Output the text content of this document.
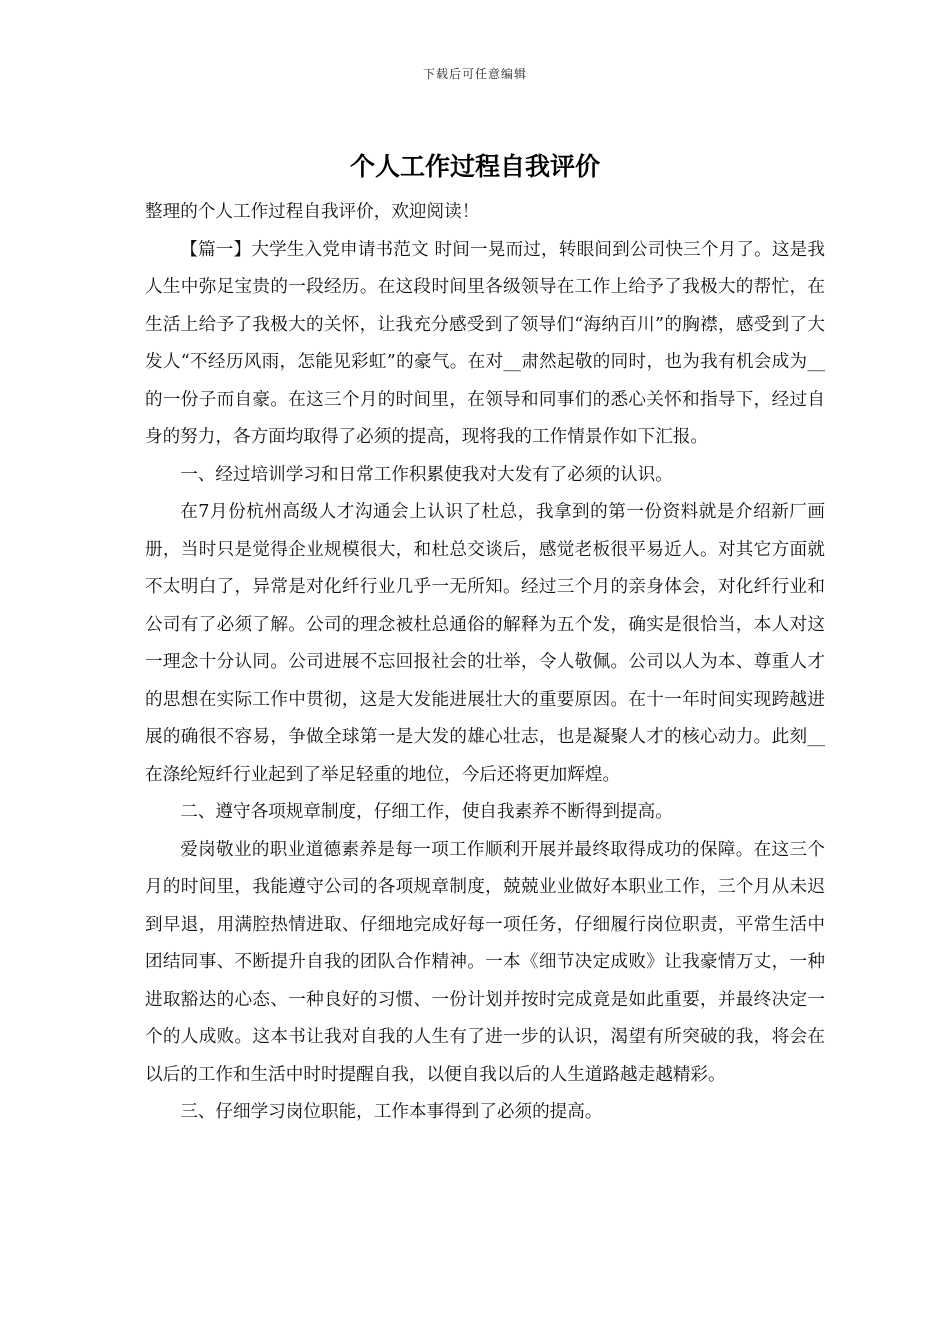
下载后可任意编辑
个人工作过程自我评价

整理的个人工作过程自我评价，欢迎阅读！

【篇一】大学生入党申请书范文 时间一晃而过，转眼间到公司快三个月了。这是我人生中弥足宝贵的一段经历。在这段时间里各级领导在工作上给予了我极大的帮忙，在生活上给予了我极大的关怀，让我充分感受到了领导们“海纳百川”的胸襟，感受到了大发人“不经历风雨，怎能见彩虹”的豪气。在对__肃然起敬的同时，也为我有机会成为__的一份子而自豪。在这三个月的时间里，在领导和同事们的悉心关怀和指导下，经过自身的努力，各方面均取得了必须的提高，现将我的工作情景作如下汇报。

一、经过培训学习和日常工作积累使我对大发有了必须的认识。

在7月份杭州高级人才沟通会上认识了杜总，我拿到的第一份资料就是介绍新厂画册，当时只是觉得企业规模很大，和杜总交谈后，感觉老板很平易近人。对其它方面就不太明白了，异常是对化纤行业几乎一无所知。经过三个月的亲身体会，对化纤行业和公司有了必须了解。公司的理念被杜总通俗的解释为五个发，确实是很恰当，本人对这一理念十分认同。公司进展不忘回报社会的壮举，令人敬佩。公司以人为本、尊重人才的思想在实际工作中贯彻，这是大发能进展壮大的重要原因。在十一年时间实现跨越进展的确很不容易，争做全球第一是大发的雄心壮志，也是凝聚人才的核心动力。此刻__在涤纶短纤行业起到了举足轻重的地位，今后还将更加辉煌。

二、遵守各项规章制度，仔细工作，使自我素养不断得到提高。

爱岗敬业的职业道德素养是每一项工作顺利开展并最终取得成功的保障。在这三个月的时间里，我能遵守公司的各项规章制度，兢兢业业做好本职业工作，三个月从未迟到早退，用满腔热情进取、仔细地完成好每一项任务，仔细履行岗位职责，平常生活中团结同事、不断提升自我的团队合作精神。一本《细节决定成败》让我豪情万丈，一种进取豁达的心态、一种良好的习惯、一份计划并按时完成竟是如此重要，并最终决定一个的人成败。这本书让我对自我的人生有了进一步的认识，渴望有所突破的我，将会在以后的工作和生活中时时提醒自我，以便自我以后的人生道路越走越精彩。

三、仔细学习岗位职能，工作本事得到了必须的提高。
